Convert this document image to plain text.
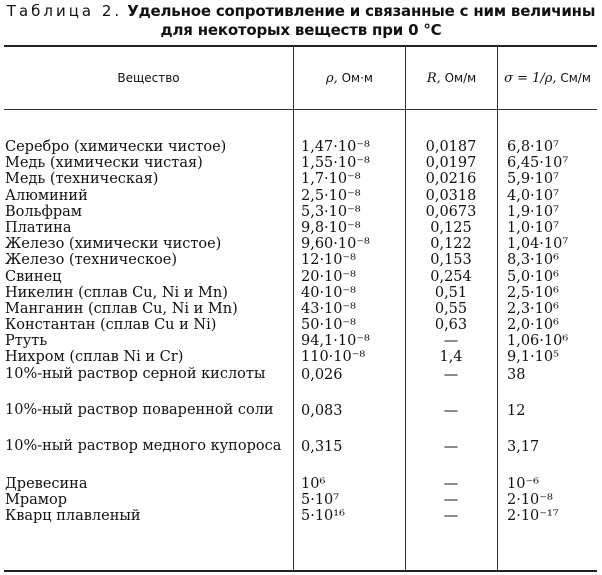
Таблица 2. Удельное сопротивление и связанные с ним величины
для некоторых веществ при 0 °С
Вещество	ρ, Ом·м	R, Ом/м	σ = 1/ρ, См/м
Серебро (химически чистое)	1,47·10⁻⁸	0,0187	6,8·10⁷
Медь (химически чистая)	1,55·10⁻⁸	0,0197	6,45·10⁷
Медь (техническая)	1,7·10⁻⁸	0,0216	5,9·10⁷
Алюминий	2,5·10⁻⁸	0,0318	4,0·10⁷
Вольфрам	5,3·10⁻⁸	0,0673	1,9·10⁷
Платина	9,8·10⁻⁸	0,125	1,0·10⁷
Железо (химически чистое)	9,60·10⁻⁸	0,122	1,04·10⁷
Железо (техническое)	12·10⁻⁸	0,153	8,3·10⁶
Свинец	20·10⁻⁸	0,254	5,0·10⁶
Никелин (сплав Cu, Ni и Mn)	40·10⁻⁸	0,51	2,5·10⁶
Манганин (сплав Cu, Ni и Mn)	43·10⁻⁸	0,55	2,3·10⁶
Константан (сплав Cu и Ni)	50·10⁻⁸	0,63	2,0·10⁶
Ртуть	94,1·10⁻⁸	—	1,06·10⁶
Нихром (сплав Ni и Cr)	110·10⁻⁸	1,4	9,1·10⁵
10%-ный раствор серной кислоты	0,026	—	38
10%-ный раствор поваренной соли	0,083	—	12
10%-ный раствор медного купороса	0,315	—	3,17
Древесина	10⁶	—	10⁻⁶
Мрамор	5·10⁷	—	2·10⁻⁸
Кварц плавленый	5·10¹⁶	—	2·10⁻¹⁷
